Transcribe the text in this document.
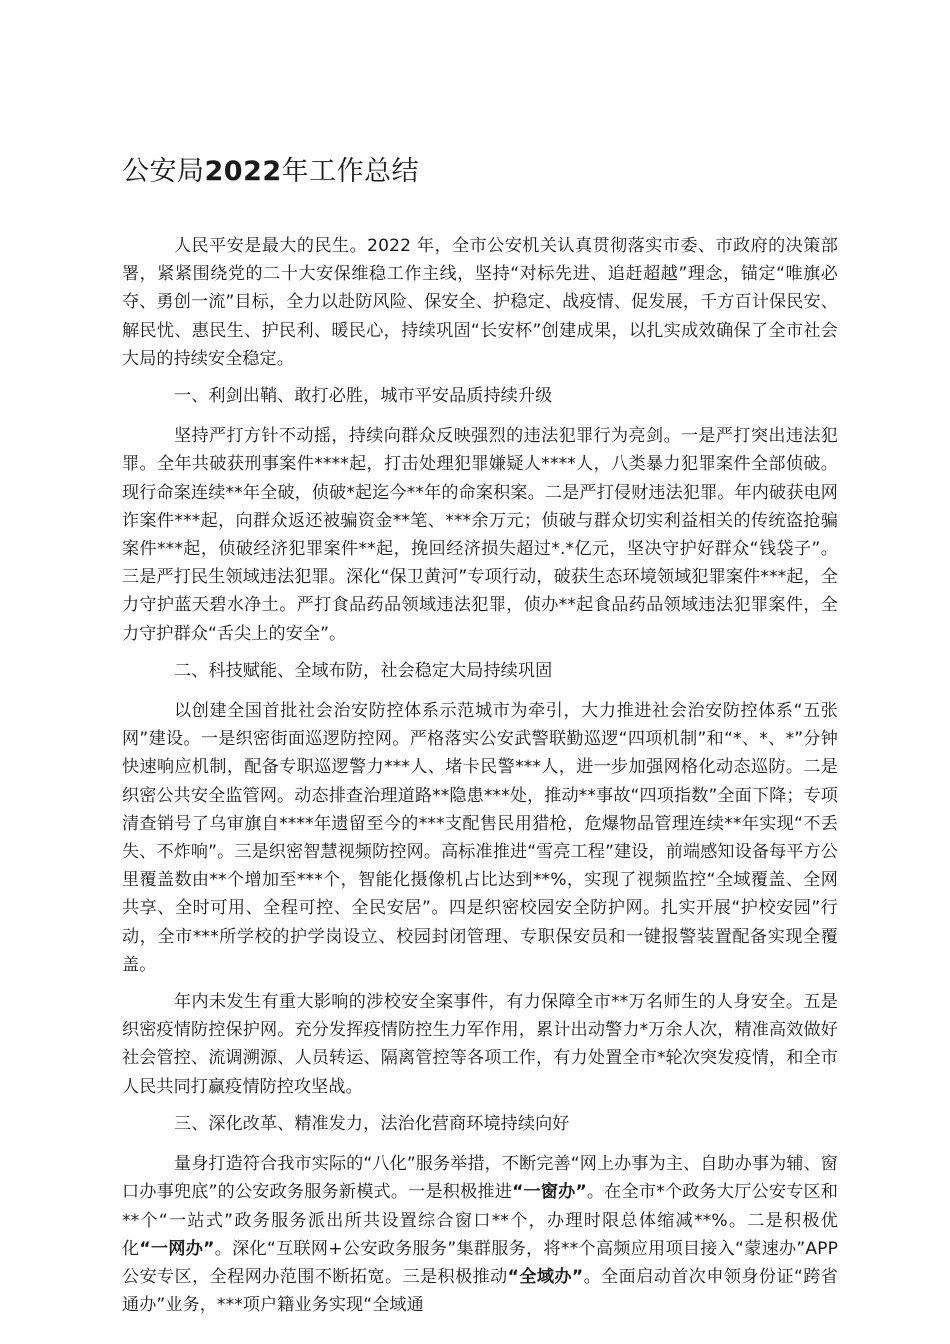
公安局2022年工作总结

人民平安是最大的民生。2022 年，全市公安机关认真贯彻落实市委、市政府的决策部署，紧紧围绕党的二十大安保维稳工作主线，坚持“对标先进、追赶超越”理念，锚定“唯旗必夺、勇创一流”目标，全力以赴防风险、保安全、护稳定、战疫情、促发展，千方百计保民安、解民忧、惠民生、护民利、暖民心，持续巩固“长安杯”创建成果，以扎实成效确保了全市社会大局的持续安全稳定。

一、利剑出鞘、敢打必胜，城市平安品质持续升级

坚持严打方针不动摇，持续向群众反映强烈的违法犯罪行为亮剑。一是严打突出违法犯罪。全年共破获刑事案件****起，打击处理犯罪嫌疑人****人，八类暴力犯罪案件全部侦破。现行命案连续**年全破，侦破*起迄今**年的命案积案。二是严打侵财违法犯罪。年内破获电网诈案件***起，向群众返还被骗资金**笔、***余万元；侦破与群众切实利益相关的传统盗抢骗案件***起，侦破经济犯罪案件**起，挽回经济损失超过*.*亿元，坚决守护好群众“钱袋子”。三是严打民生领域违法犯罪。深化“保卫黄河”专项行动，破获生态环境领域犯罪案件***起，全力守护蓝天碧水净土。严打食品药品领域违法犯罪，侦办**起食品药品领域违法犯罪案件，全力守护群众“舌尖上的安全”。

二、科技赋能、全域布防，社会稳定大局持续巩固

以创建全国首批社会治安防控体系示范城市为牵引，大力推进社会治安防控体系“五张网”建设。一是织密街面巡逻防控网。严格落实公安武警联勤巡逻“四项机制”和“*、*、*”分钟快速响应机制，配备专职巡逻警力***人、堵卡民警***人，进一步加强网格化动态巡防。二是织密公共安全监管网。动态排查治理道路**隐患***处，推动**事故“四项指数”全面下降；专项清查销号了乌审旗自****年遗留至今的***支配售民用猎枪，危爆物品管理连续**年实现“不丢失、不炸响”。三是织密智慧视频防控网。高标准推进“雪亮工程”建设，前端感知设备每平方公里覆盖数由**个增加至***个，智能化摄像机占比达到**%，实现了视频监控“全域覆盖、全网共享、全时可用、全程可控、全民安居”。四是织密校园安全防护网。扎实开展“护校安园”行动，全市***所学校的护学岗设立、校园封闭管理、专职保安员和一键报警装置配备实现全覆盖。

年内未发生有重大影响的涉校安全案事件，有力保障全市**万名师生的人身安全。五是织密疫情防控保护网。充分发挥疫情防控生力军作用，累计出动警力*万余人次，精准高效做好社会管控、流调溯源、人员转运、隔离管控等各项工作，有力处置全市*轮次突发疫情，和全市人民共同打赢疫情防控攻坚战。

三、深化改革、精准发力，法治化营商环境持续向好

量身打造符合我市实际的“八化”服务举措，不断完善“网上办事为主、自助办事为辅、窗口办事兜底”的公安政务服务新模式。一是积极推进“一窗办”。在全市*个政务大厅公安专区和**个“一站式”政务服务派出所共设置综合窗口**个，办理时限总体缩减**%。二是积极优化“一网办”。深化“互联网+公安政务服务”集群服务，将**个高频应用项目接入“蒙速办”APP 公安专区，全程网办范围不断拓宽。三是积极推动“全域办”。全面启动首次申领身份证“跨省通办”业务，***项户籍业务实现“全域通
